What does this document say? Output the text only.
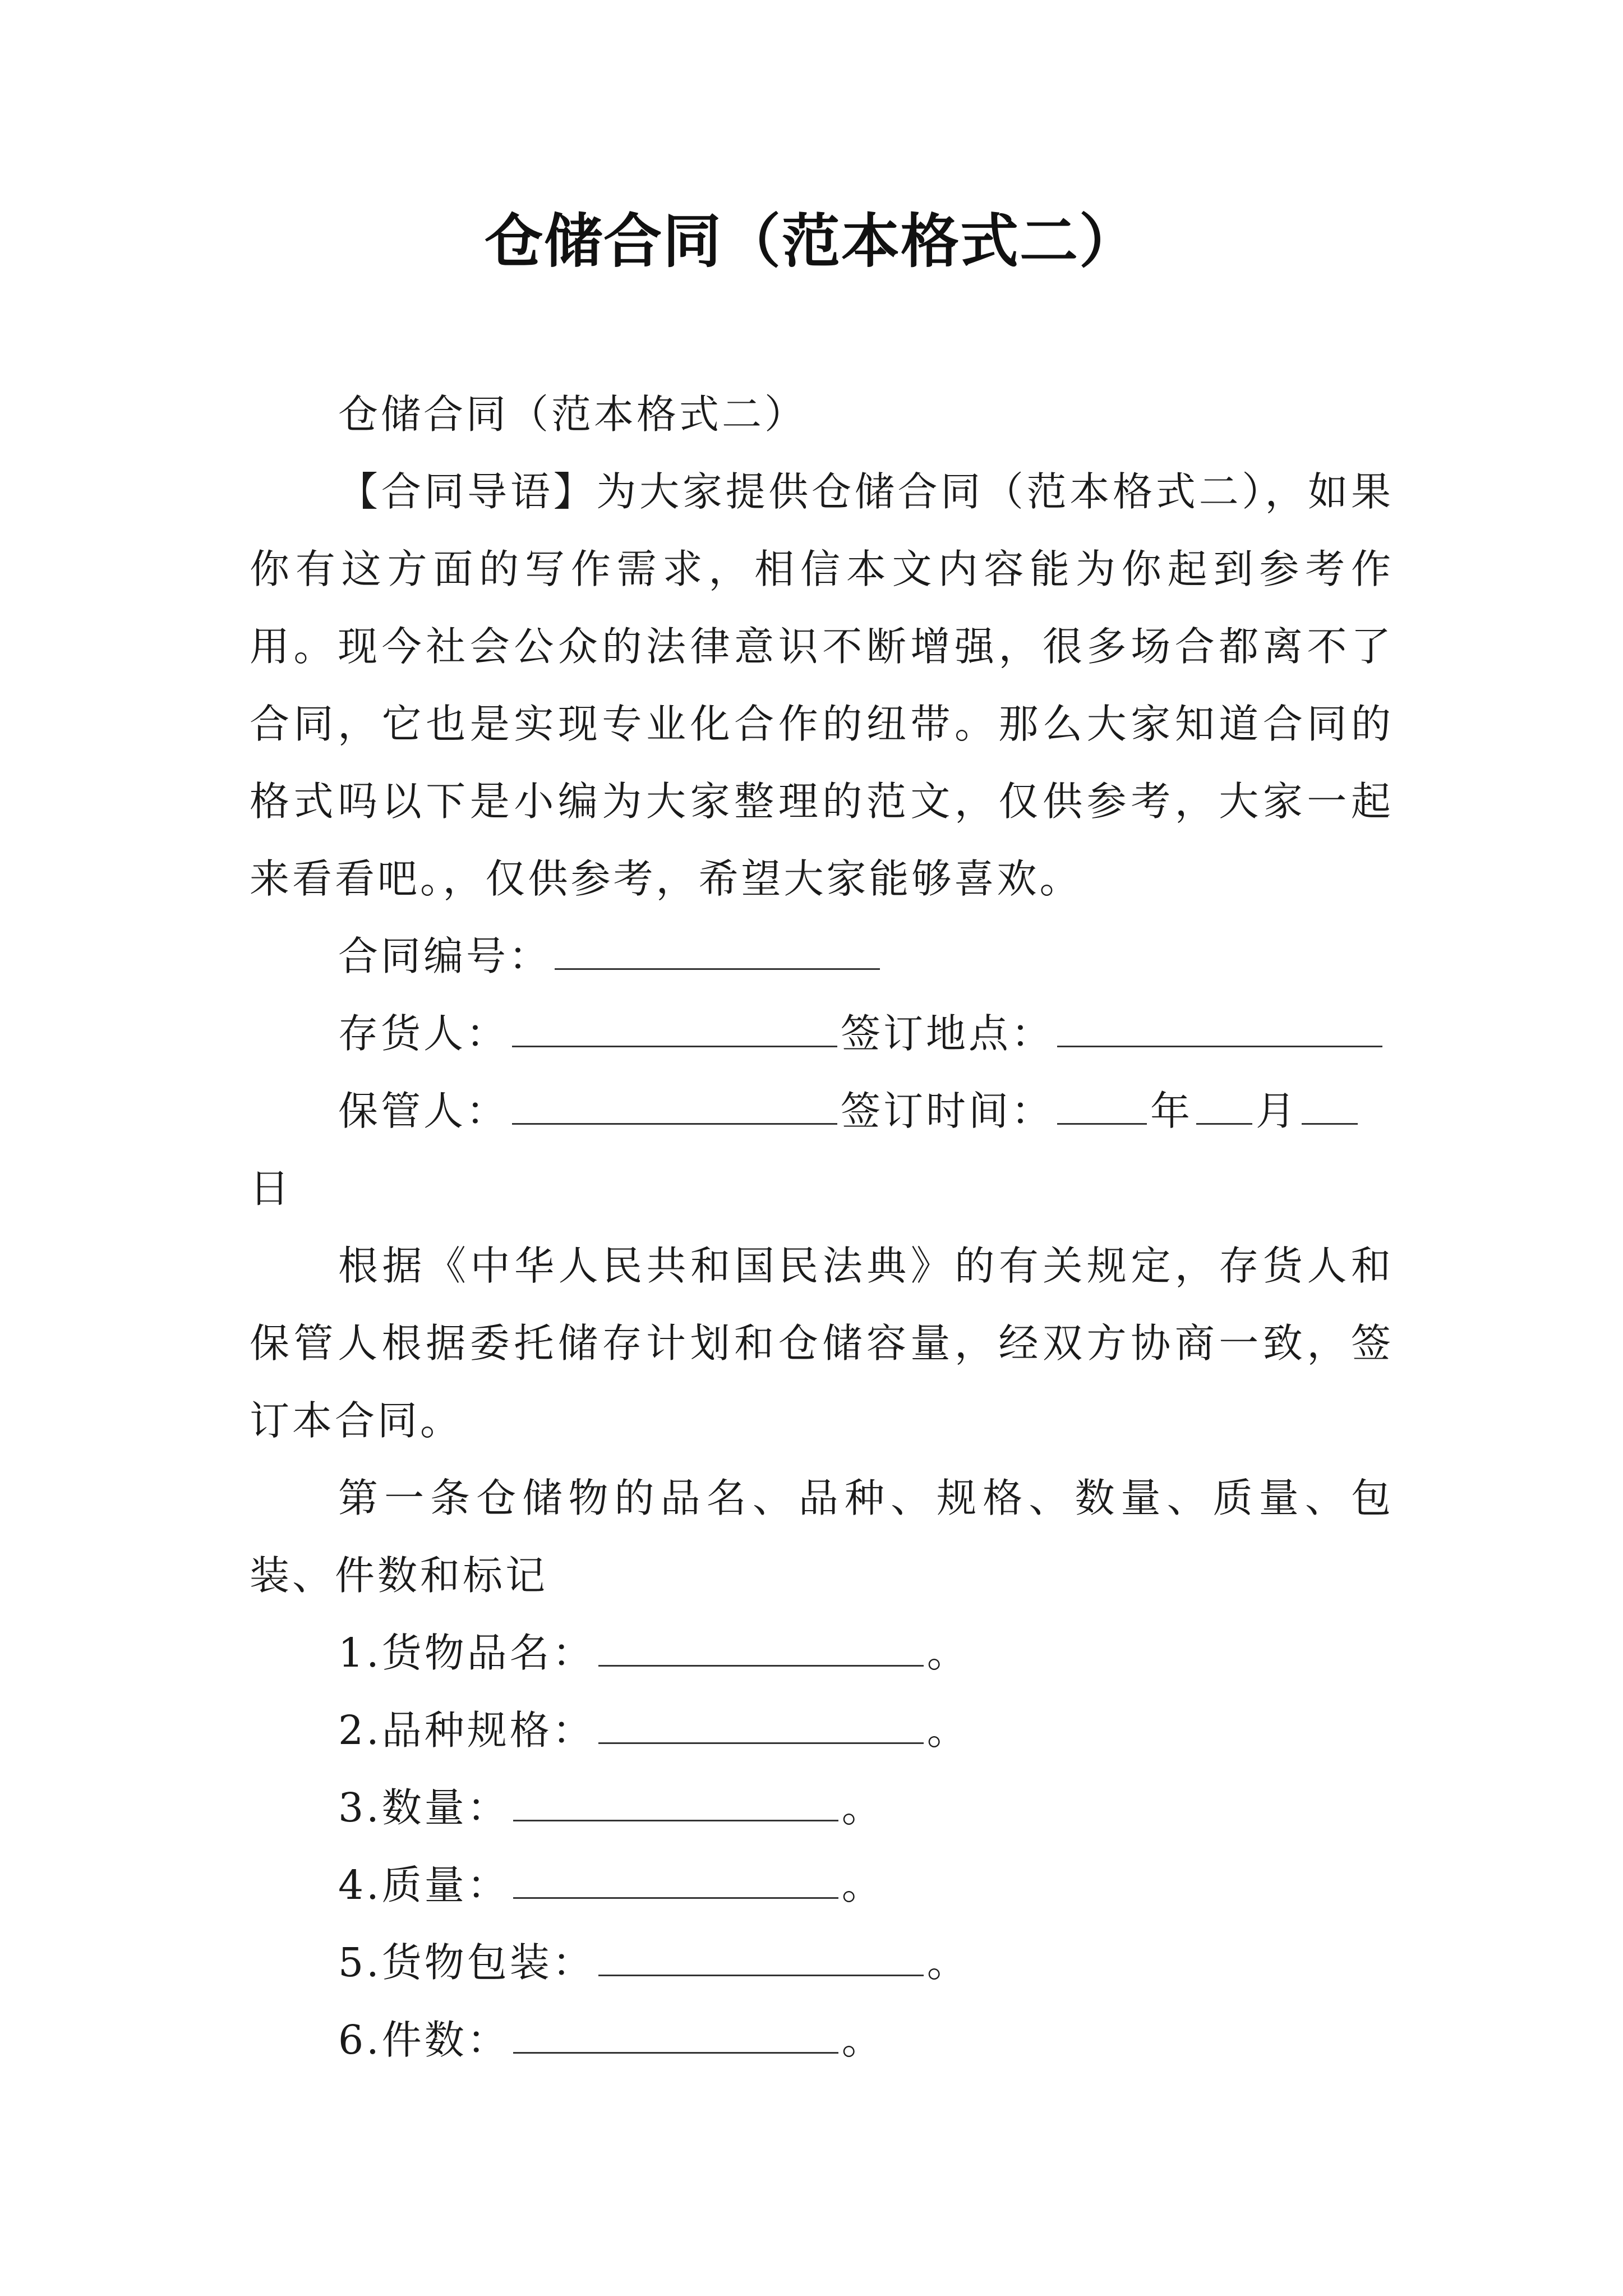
仓储合同（范本格式二）

仓储合同（范本格式二）

【合同导语】为大家提供仓储合同（范本格式二），如果你有这方面的写作需求，相信本文内容能为你起到参考作用。现今社会公众的法律意识不断增强，很多场合都离不了合同，它也是实现专业化合作的纽带。那么大家知道合同的格式吗以下是小编为大家整理的范文，仅供参考，大家一起来看看吧。，仅供参考，希望大家能够喜欢。

合同编号：

存货人：	签订地点：

保管人：	签订时间： 年 月

日

根据《中华人民共和国民法典》的有关规定，存货人和保管人根据委托储存计划和仓储容量，经双方协商一致，签订本合同。

第一条仓储物的品名、品种、规格、数量、质量、包装、件数和标记

1.货物品名：	。

2.品种规格：	。

3.数量：	。

4.质量：	。

5.货物包装：	。

6.件数：	。
